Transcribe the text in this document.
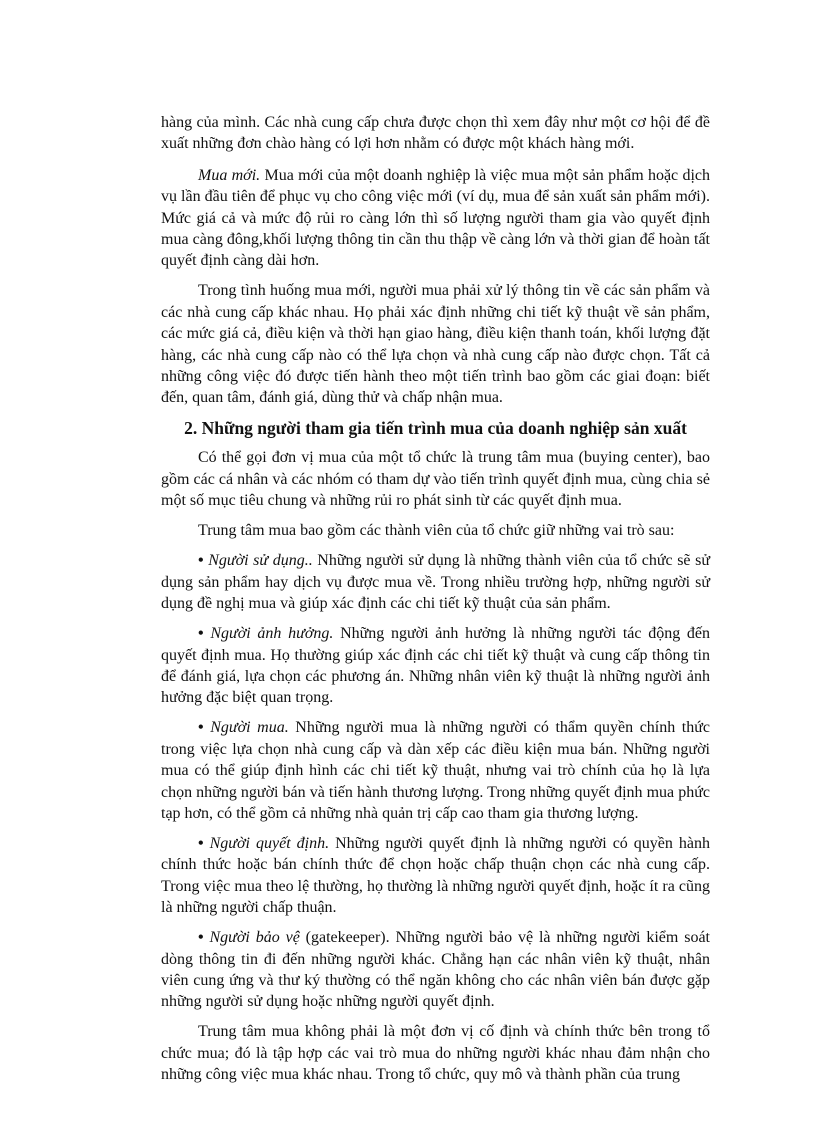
hàng của mình. Các nhà cung cấp chưa được chọn thì xem đây như một cơ hội để đề xuất những đơn chào hàng có lợi hơn nhằm có được một khách hàng mới.

Mua mới. Mua mới của một doanh nghiệp là việc mua một sản phẩm hoặc dịch vụ lần đầu tiên để phục vụ cho công việc mới (ví dụ, mua để sản xuất sản phẩm mới). Mức giá cả và mức độ rủi ro càng lớn thì số lượng người tham gia vào quyết định mua càng đông,khối lượng thông tin cần thu thập về càng lớn và thời gian để hoàn tất quyết định càng dài hơn.

Trong tình huống mua mới, người mua phải xử lý thông tin về các sản phẩm và các nhà cung cấp khác nhau. Họ phải xác định những chi tiết kỹ thuật về sản phẩm, các mức giá cả, điều kiện và thời hạn giao hàng, điều kiện thanh toán, khối lượng đặt hàng, các nhà cung cấp nào có thể lựa chọn và nhà cung cấp nào được chọn. Tất cả những công việc đó được tiến hành theo một tiến trình bao gồm các giai đoạn: biết đến, quan tâm, đánh giá, dùng thử và chấp nhận mua.

2. Những người tham gia tiến trình mua của doanh nghiệp sản xuất

Có thể gọi đơn vị mua của một tổ chức là trung tâm mua (buying center), bao gồm các cá nhân và các nhóm có tham dự vào tiến trình quyết định mua, cùng chia sẻ một số mục tiêu chung và những rủi ro phát sinh từ các quyết định mua.

Trung tâm mua bao gồm các thành viên của tổ chức giữ những vai trò sau:

• Người sử dụng.. Những người sử dụng là những thành viên của tổ chức sẽ sử dụng sản phẩm hay dịch vụ được mua về. Trong nhiều trường hợp, những người sử dụng đề nghị mua và giúp xác định các chi tiết kỹ thuật của sản phẩm.

• Người ảnh hưởng. Những người ảnh hưởng là những người tác động đến quyết định mua. Họ thường giúp xác định các chi tiết kỹ thuật và cung cấp thông tin để đánh giá, lựa chọn các phương án. Những nhân viên kỹ thuật là những người ảnh hưởng đặc biệt quan trọng.

• Người mua. Những người mua là những người có thẩm quyền chính thức trong việc lựa chọn nhà cung cấp và dàn xếp các điều kiện mua bán. Những người mua có thể giúp định hình các chi tiết kỹ thuật, nhưng vai trò chính của họ là lựa chọn những người bán và tiến hành thương lượng. Trong những quyết định mua phức tạp hơn, có thể gồm cả những nhà quản trị cấp cao tham gia thương lượng.

• Người quyết định. Những người quyết định là những người có quyền hành chính thức hoặc bán chính thức để chọn hoặc chấp thuận chọn các nhà cung cấp. Trong việc mua theo lệ thường, họ thường là những người quyết định, hoặc ít ra cũng là những người chấp thuận.

• Người bảo vệ (gatekeeper). Những người bảo vệ là những người kiểm soát dòng thông tin đi đến những người khác. Chẳng hạn các nhân viên kỹ thuật, nhân viên cung ứng và thư ký thường có thể ngăn không cho các nhân viên bán được gặp những người sử dụng hoặc những người quyết định.

Trung tâm mua không phải là một đơn vị cố định và chính thức bên trong tổ chức mua; đó là tập hợp các vai trò mua do những người khác nhau đảm nhận cho những công việc mua khác nhau. Trong tổ chức, quy mô và thành phần của trung
